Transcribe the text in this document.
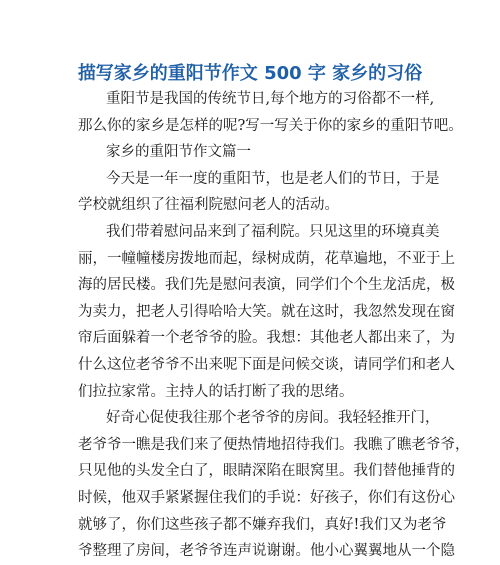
描写家乡的重阳节作文 500 字 家乡的习俗
重阳节是我国的传统节日,每个地方的习俗都不一样,
那么你的家乡是怎样的呢?写一写关于你的家乡的重阳节吧。
家乡的重阳节作文篇一
今天是一年一度的重阳节，也是老人们的节日，于是
学校就组织了往福利院慰问老人的活动。
我们带着慰问品来到了福利院。只见这里的环境真美
丽，一幢幢楼房拨地而起，绿树成荫，花草遍地，不亚于上
海的居民楼。我们先是慰问表演，同学们个个生龙活虎，极
为卖力，把老人引得哈哈大笑。就在这时，我忽然发现在窗
帘后面躲着一个老爷爷的脸。我想：其他老人都出来了，为
什么这位老爷爷不出来呢下面是问候交谈，请同学们和老人
们拉拉家常。主持人的话打断了我的思绪。
好奇心促使我往那个老爷爷的房间。我轻轻推开门，
老爷爷一瞧是我们来了便热情地招待我们。我瞧了瞧老爷爷，
只见他的头发全白了，眼睛深陷在眼窝里。我们替他捶背的
时候，他双手紧紧握住我们的手说：好孩子，你们有这份心
就够了，你们这些孩子都不嫌弃我们，真好!我们又为老爷
爷整理了房间，老爷爷连声说谢谢。他小心翼翼地从一个隐
